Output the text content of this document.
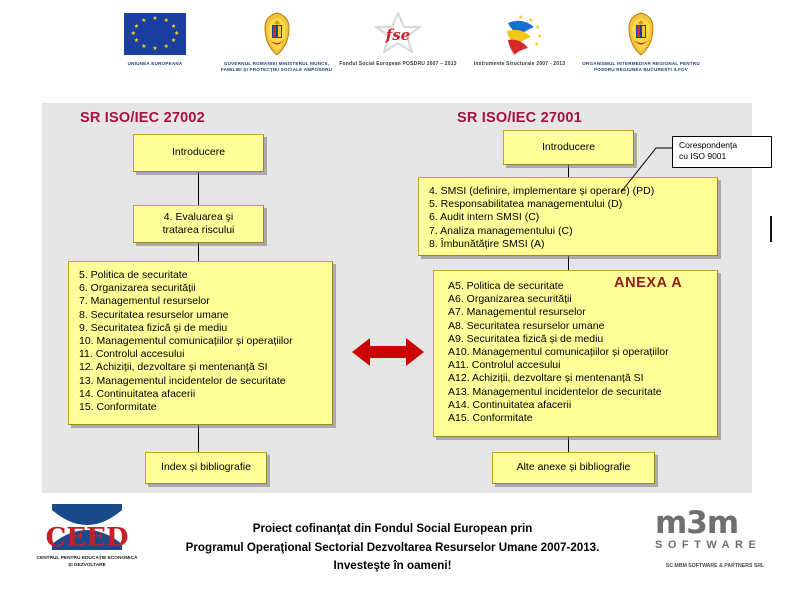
★ ★
★
★
★
★
★
★
★
★
★
★
UNIUNEA EUROPEANA	GUVERNUL ROMANIEI MINISTERUL MUNCII, FAMILIEI ȘI PROTECȚIEI SOCIALE AMPOSDRU
fse
Fondul Social European POSDRU 2007 – 2013
★ ★
★
★
★
Instrumente Structurale 2007 - 2013	ORGANISMUL INTERMEDIAR REGIONAL PENTRU POSDRU REGIUNEA BUCURESTI ILFOV
SR ISO/IEC 27002	SR ISO/IEC 27001
Introducere
4. Evaluarea şi
tratarea riscului
5. Politica de securitate
6. Organizarea securității
7. Managementul resurselor
8. Securitatea resurselor umane
9. Securitatea fizică și de mediu
10. Managementul comunicațiilor și operațiilor
11. Controlul accesului
12. Achiziții, dezvoltare și mentenanță SI
13. Managementul incidentelor de securitate
14. Continuitatea afacerii
15. Conformitate
Index și bibliografie
Introducere
4. SMSI (definire, implementare și operare) (PD)
5. Responsabilitatea managementului (D)
6. Audit intern SMSI (C)
7. Analiza managementului (C)
8. Îmbunătățire SMSI (A)
A5. Politica de securitate
A6. Organizarea securității
A7. Managementul resurselor
A8. Securitatea resurselor umane
A9. Securitatea fizică și de mediu
A10. Managementul comunicațiilor și operațiilor
A11. Controlul accesului
A12. Achiziții, dezvoltare și mentenanță SI
A13. Managementul incidentelor de securitate
A14. Continuitatea afacerii
A15. Conformitate
ANEXA A
Alte anexe și bibliografie
Corespondența
cu ISO 9001
CEED
CENTRUL PENTRU EDUCAŢIE ECONOMICĂ ŞI DEZVOLTARE
Proiect cofinanţat din Fondul Social European prin
Programul Operaţional Sectorial Dezvoltarea Resurselor Umane 2007-2013.
Investeşte în oameni!
m3m
SOFTWARE
SC MBM SOFTWARE & PARTNERS SRL
